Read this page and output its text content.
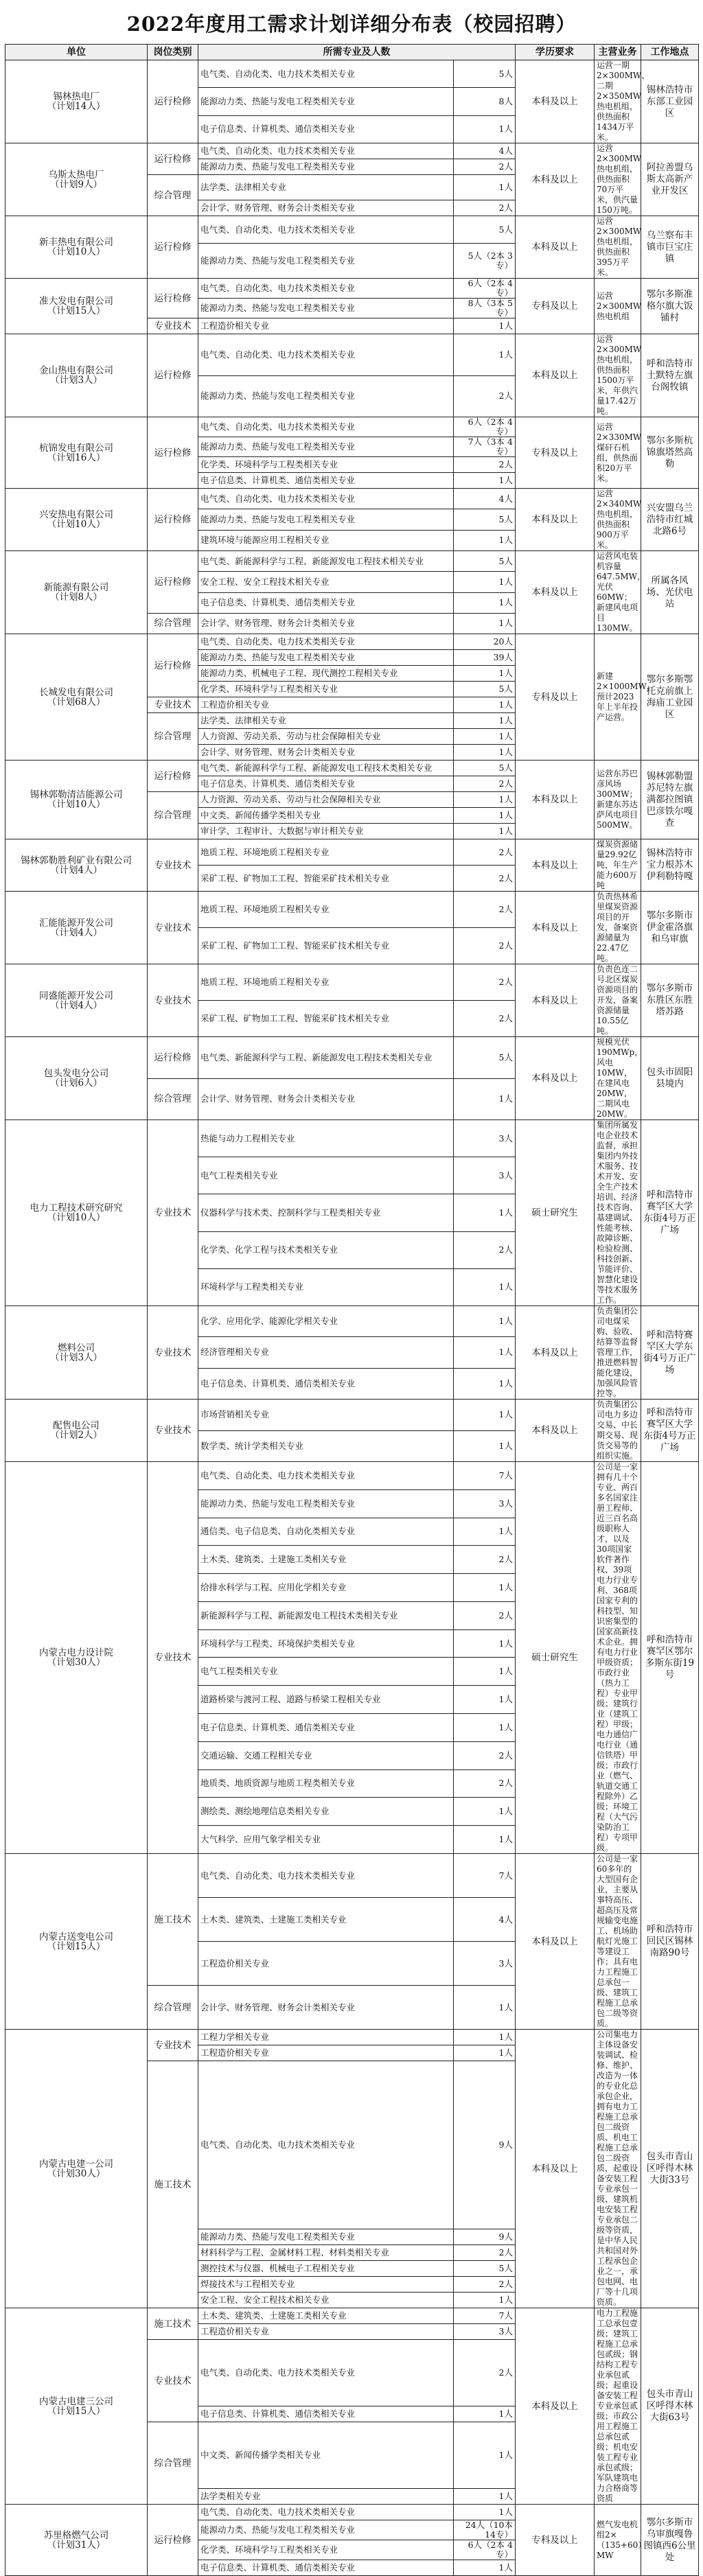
2022年度用工需求计划详细分布表（校园招聘）
单位	岗位类别	所需专业及人数		学历要求	主营业务	工作地点

锡林热电厂
（计划14人）	运行检修	电气类、自动化类、电力技术类相关专业	5人	本科及以上	运营一期2×300MW、二期2×350MW热电机组，供热面积1434万平米。	锡林浩特市东部工业园区
		能源动力类、热能与发电工程类相关专业	8人			
		电子信息类、计算机类、通信类相关专业	1人			

乌斯太热电厂
（计划9人）	运行检修	电气类、自动化类、电力技术类相关专业	4人	本科及以上	运营2×300MW热电机组，供热面积70万平米，供汽量150万吨。	阿拉善盟乌斯太高新产业开发区
		能源动力类、热能与发电工程类相关专业	2人			
	综合管理	法学类、法律相关专业	1人			
		会计学、财务管理、财务会计类相关专业	2人			

新丰热电有限公司
（计划10人）	运行检修	电气类、自动化类、电力技术类相关专业	5人	本科及以上	运营2×300MW热电机组，供热面积395万平米。	乌兰察布丰镇市巨宝庄镇
		能源动力类、热能与发电工程类相关专业	5人（2本 3专）			

准大发电有限公司
（计划15人）	运行检修	电气类、自动化类、电力技术类相关专业	6人（2本 4专）	专科及以上	运营2×300MW热电机组	鄂尔多斯准格尔旗大饭铺村
		能源动力类、热能与发电工程类相关专业	8人（3本 5专）			
	专业技术	工程造价相关专业	1人			

金山热电有限公司
（计划3人）	运行检修	电气类、自动化类、电力技术类相关专业	1人	本科及以上	运营2×300MW热电机组，供热面积1500万平米，年供汽量17.42万吨。	呼和浩特市土默特左旗台阁牧镇
		能源动力类、热能与发电工程类相关专业	2人			

杭锦发电有限公司
（计划16人）	运行检修	电气类、自动化类、电力技术类相关专业	6人（2本 4专）	专科及以上	运营2×330MW煤矸石机组，供热面积20万平米。	鄂尔多斯杭锦旗塔然高勒
		能源动力类、热能与发电工程类相关专业	7人（3本 4专）			
		化学类、环境科学与工程类相关专业	2人			
		电子信息类、计算机类、通信类相关专业	1人			

兴安热电有限公司
（计划10人）	运行检修	电气类、自动化类、电力技术类相关专业	4人	本科及以上	运营2×340MW热电机组，供热面积900万平米。	兴安盟乌兰浩特市红城北路6号
		能源动力类、热能与发电工程类相关专业	5人			
		建筑环境与能源应用工程相关专业	1人			

新能源有限公司
（计划8人）	运行检修	电气类、新能源科学与工程、新能源发电工程技术相关专业	5人	本科及以上	运营风电装机容量647.5MW，光伏60MW；新建风电项目130MW。	所属各风场、光伏电站
		安全工程、安全工程技术相关专业	1人			
		电子信息类、计算机类、通信类相关专业	1人			
	综合管理	会计学、财务管理、财务会计类相关专业	1人			

长城发电有限公司
（计划68人）	运行检修	电气类、自动化类、电力技术类相关专业	20人	专科及以上	新建2×1000MW，预计2023年上半年投产运营。	鄂尔多斯鄂托克前旗上海庙工业园区
		能源动力类、热能与发电工程类相关专业	39人			
		能源动力类、机械电子工程、现代测控工程相关专业	1人			
		化学类、环境科学与工程类相关专业	5人			
	专业技术	工程造价相关专业	1人			
	综合管理	法学类、法律相关专业	1人			
		人力资源、劳动关系、劳动与社会保障相关专业	1人			
		会计学、财务管理、财务会计类相关专业	1人			

锡林郭勒清洁能源公司
（计划10人）	运行检修	电气类、新能源科学与工程、新能源发电工程技术类相关专业	5人	本科及以上	运营东苏巴彦风场300MW；新建东苏达萨风电项目500MW。	锡林郭勒盟苏尼特左旗满都拉图镇巴彦铁尔嘎查
		电子信息类、计算机类、通信类相关专业	2人			
	综合管理	人力资源、劳动关系、劳动与社会保障相关专业	1人			
		中文类、新闻传播学类相关专业	1人			
		审计学、工程审计、大数据与审计相关专业	1人			

锡林郭勒胜利矿业有限公司
（计划4人）	专业技术	地质工程、环境地质工程相关专业	2人	本科及以上	煤炭资源储量29.92亿吨，年生产能力600万吨	锡林浩特市宝力根苏木伊利勒特嘎
		采矿工程、矿物加工工程、智能采矿技术相关专业	2人			

汇能能源开发公司
（计划4人）	专业技术	地质工程、环境地质工程相关专业	2人	本科及以上	负责热林希里煤炭资源项目的开发，备案资源储量为22.47亿吨。	鄂尔多斯市伊金霍洛旗和乌审旗
		采矿工程、矿物加工工程、智能采矿技术相关专业	2人			

同盛能源开发公司
（计划4人）	专业技术	地质工程、环境地质工程相关专业	2人	本科及以上	负责色连二号北区煤炭资源项目的开发，备案资源储量10.55亿吨。	鄂尔多斯市东胜区东胜塔苏路
		采矿工程、矿物加工工程、智能采矿技术相关专业	2人			

包头发电分公司
（计划6人）	运行检修	电气类、新能源科学与工程、新能源发电工程技术类相关专业	5人	本科及以上	规模光伏190MWp，风电10MW，在建风电20MW，二期风电20MW。	包头市固阳县境内
	综合管理	会计学、财务管理、财务会计类相关专业	1人			

电力工程技术研究研究
（计划10人）	专业技术	热能与动力工程相关专业	3人	硕士研究生	集团所属发电企业技术监督，承担集团内外技术服务、技术开发、安全生产技术培训、经济技术咨询、基建调试、性能考核、故障诊断、检验检测、科技创新、节能评价、智慧化建设等技术服务工作。	呼和浩特市赛罕区大学东街4号万正广场
		电气工程类相关专业	3人			
		仪器科学与技术类、控制科学与工程类相关专业	1人			
		化学类、化学工程与技术类相关专业	2人			
		环境科学与工程类相关专业	1人			

燃料公司
（计划3人）	专业技术	化学、应用化学、能源化学相关专业	1人	本科及以上	负责集团公司电煤采购、验收、结算等监督管理工作，推进燃料智能化建设，加强风险管控等。	呼和浩特赛罕区大学东街4号万正广场
		经济管理相关专业	1人			
		电子信息类、计算机类、通信类相关专业	1人			

配售电公司
（计划2人）	专业技术	市场营销相关专业	1人	本科及以上	负责集团公司电力多边交易、中长期交易、现货交易等的组织实施。	呼和浩特市赛罕区大学东街4号万正广场
		数学类、统计学类相关专业	1人			

内蒙古电力设计院
（计划30人）	专业技术	电气类、自动化类、电力技术类相关专业	7人	硕士研究生	公司是一家拥有几十个专业、两百多名国家注册工程师、近三百名高级职称人才，以及30项国家软件著作权、39项电力行业专利、368项国家专利的科技型、知识密集型的国家高新技术企业。拥有电力行业甲级资质；市政行业（热力工程）专业甲级；建筑行业（建筑工程）甲级；电力通信广电行业（通信铁塔）甲级；市政行业（燃气、轨道交通工程除外）乙级；环境工程（大气污染防治工程）专项甲级。	呼和浩特市赛罕区鄂尔多斯东街19号
		能源动力类、热能与发电工程类相关专业	3人			
		通信类、电子信息类、自动化类相关专业	1人			
		土木类、建筑类、土建施工类相关专业	2人			
		给排水科学与工程、应用化学相关专业	1人			
		新能源科学与工程、新能源发电工程技术类相关专业	2人			
		环境科学与工程类、环境保护类相关专业	1人			
		电气工程类相关专业	1人			
		道路桥梁与渡河工程、道路与桥梁工程相关专业	1人			
		电子信息类、计算机类、通信类相关专业	1人			
		交通运输、交通工程相关专业	2人			
		地质类、地质资源与地质工程类相关专业	2人			
		测绘类、测绘地理信息类相关专业	1人			
		大气科学、应用气象学相关专业	1人			

内蒙古送变电公司
（计划15人）	施工技术	电气类、自动化类、电力技术类相关专业	7人	本科及以上	公司是一家60多年的大型国有企业，主要从事特高压、超高压及常规输变电施工、机场助航灯光施工等建设工作；具有电力工程施工总承包一级、建筑工程施工总承包二级等资质。	呼和浩特市回民区锡林南路90号
		土木类、建筑类、土建施工类相关专业	4人			
		工程造价相关专业	3人			
	综合管理	会计学、财务管理、财务会计类相关专业	1人			

内蒙古电建一公司
（计划30人）	专业技术	工程力学相关专业	1人	本科及以上	公司集电力主体设备安装调试、检修、维护、改造为一体的专业化总承包企业，拥有电力工程施工总承包二级资质、机电工程施工总承包二级资质，起重设备安装工程专业承包一级、建筑机电安装工程专业承包二级等资质，是中华人民共和国对外工程承包企业之一，承包电网、电厂等十几项资质。	包头市青山区呼得木林大街33号
		工程造价相关专业	1人			
	施工技术	电气类、自动化类、电力技术类相关专业	9人			
		能源动力类、热能与发电工程类相关专业	9人			
		材料科学与工程、金属材料工程、材料类相关专业	2人			
		测控技术与仪器、机械电子工程相关专业	5人			
		焊接技术与工程相关专业	2人			
		安全工程、安全工程技术相关专业	1人			

内蒙古电建三公司
（计划15人）	施工技术	土木类、建筑类、土建施工类相关专业	7人	本科及以上	电力工程施工总承包壹级；建筑工程施工总承包贰级；钢结构工程专业承包贰级；起重设备安装工程专业承包贰级；市政公用工程施工总承包贰级；机电安装工程专业承包贰级；军队建筑电力合格商等资质	包头市青山区呼得木林大街63号
		工程造价相关专业	3人			
	专业技术	电气类、自动化类、电力技术类相关专业	2人			
		电子信息类、计算机类、通信类相关专业	1人			
	综合管理	中文类、新闻传播学类相关专业	1人			
		法学类相关专业	1人			

苏里格燃气公司
（计划31人）	运行检修	电气类、自动化类、电力技术类相关专业	1人	专科及以上	燃气发电机组2×（135+60）MW	鄂尔多斯市乌审旗嘎鲁图镇西6公里处
		能源动力类、热能与发电工程类相关专业	24人（10本 14专）			
		化学类、环境科学与工程类相关专业	6人（2本 4专）			
		电子信息类、计算机类、通信类相关专业	1人			
